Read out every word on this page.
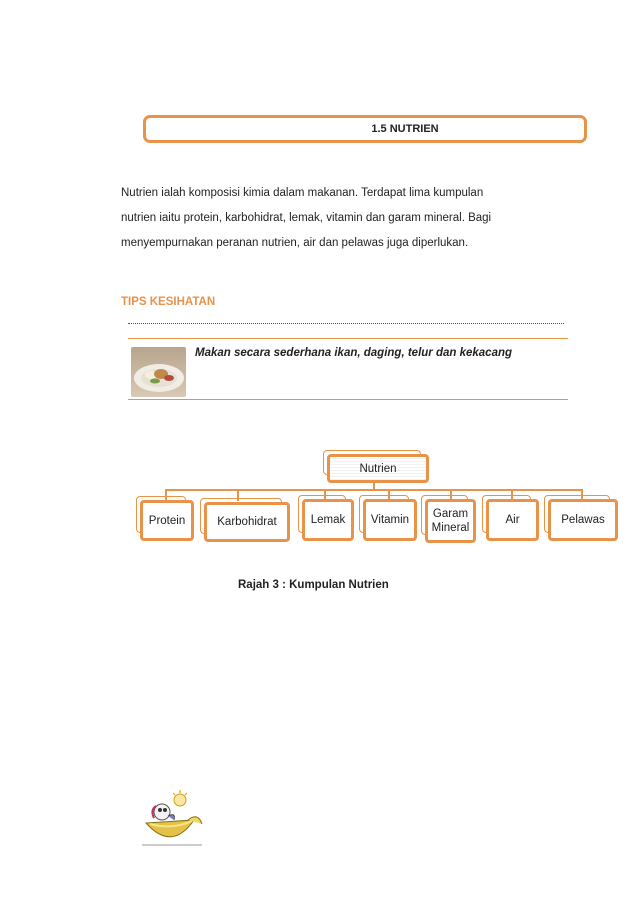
1.5 NUTRIEN

Nutrien ialah komposisi kimia dalam makanan. Terdapat lima kumpulan

nutrien iaitu protein, karbohidrat, lemak, vitamin dan garam mineral. Bagi

menyempurnakan peranan nutrien, air dan pelawas juga diperlukan.

TIPS KESIHATAN
Makan secara sederhana ikan, daging, telur dan kekacang
Nutrien
Protein	Karbohidrat	Lemak Vitamin	Garam Mineral
Air	Pelawas
Rajah 3 : Kumpulan Nutrien
